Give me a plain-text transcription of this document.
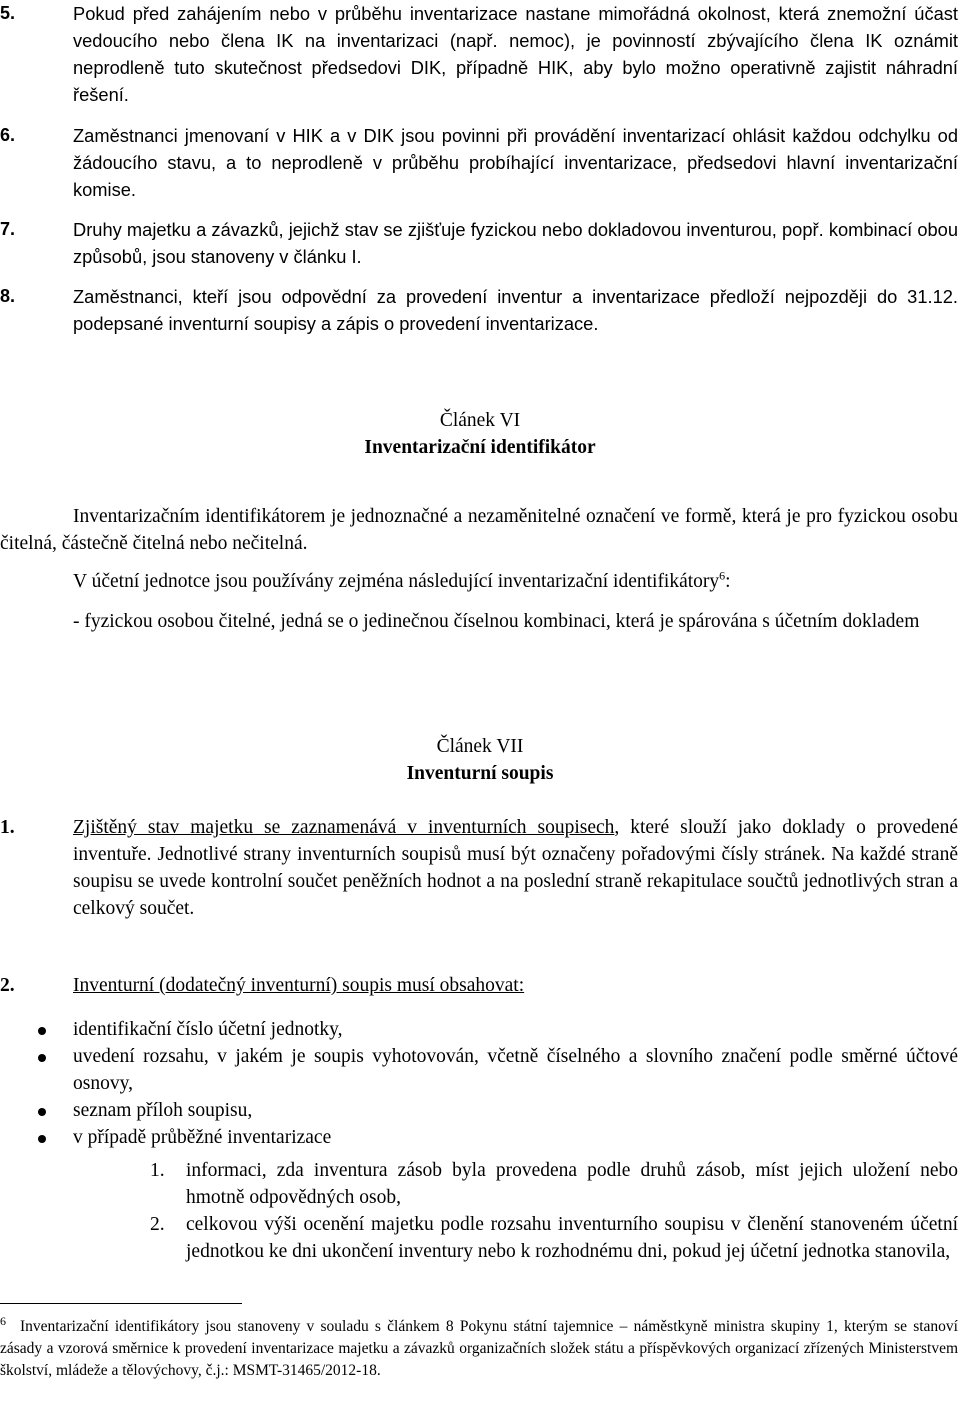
5.	Pokud před zahájením nebo v průběhu inventarizace nastane mimořádná okolnost, která znemožní účast vedoucího nebo člena IK na inventarizaci (např. nemoc), je povinností zbývajícího člena IK oznámit neprodleně tuto skutečnost předsedovi DIK, případně HIK, aby bylo možno operativně zajistit náhradní řešení.
6.	Zaměstnanci jmenovaní v HIK a v DIK jsou povinni při provádění inventarizací ohlásit každou odchylku od žádoucího stavu, a to neprodleně v průběhu probíhající inventarizace, předsedovi hlavní inventarizační komise.
7.	Druhy majetku a závazků, jejichž stav se zjišťuje fyzickou nebo dokladovou inventurou, popř. kombinací obou způsobů, jsou stanoveny v článku I.
8.	Zaměstnanci, kteří jsou odpovědní za provedení inventur a inventarizace předloží nejpozději do 31.12. podepsané inventurní soupisy a zápis o provedení inventarizace.
Článek VI
Inventarizační identifikátor
Inventarizačním identifikátorem je jednoznačné a nezaměnitelné označení ve formě, která je pro fyzickou osobu čitelná, částečně čitelná nebo nečitelná.
V účetní jednotce jsou používány zejména následující inventarizační identifikátory$^6$:
- fyzickou osobou čitelné, jedná se o jedinečnou číselnou kombinaci, která je spárována s účetním dokladem
Článek VII
Inventurní soupis
1.	Zjištěný stav majetku se zaznamenává v inventurních soupisech, které slouží jako doklady o provedené inventuře. Jednotlivé strany inventurních soupisů musí být označeny pořadovými čísly stránek. Na každé straně soupisu se uvede kontrolní součet peněžních hodnot a na poslední straně rekapitulace součtů jednotlivých stran a celkový součet.
2.	Inventurní (dodatečný inventurní) soupis musí obsahovat:
identifikační číslo účetní jednotky,
uvedení rozsahu, v jakém je soupis vyhotovován, včetně číselného a slovního značení podle směrné účtové osnovy,
seznam příloh soupisu,
v případě průběžné inventarizace
1. informaci, zda inventura zásob byla provedena podle druhů zásob, míst jejich uložení nebo hmotně odpovědných osob,
2. celkovou výši ocenění majetku podle rozsahu inventurního soupisu v členění stanoveném účetní jednotkou ke dni ukončení inventury nebo k rozhodnému dni, pokud jej účetní jednotka stanovila,
$^6$ Inventarizační identifikátory jsou stanoveny v souladu s článkem 8 Pokynu státní tajemnice – náměstkyně ministra skupiny 1, kterým se stanoví zásady a vzorová směrnice k provedení inventarizace majetku a závazků organizačních složek státu a příspěvkových organizací zřízených Ministerstvem školství, mládeže a tělovýchovy, č.j.: MSMT-31465/2012-18.
